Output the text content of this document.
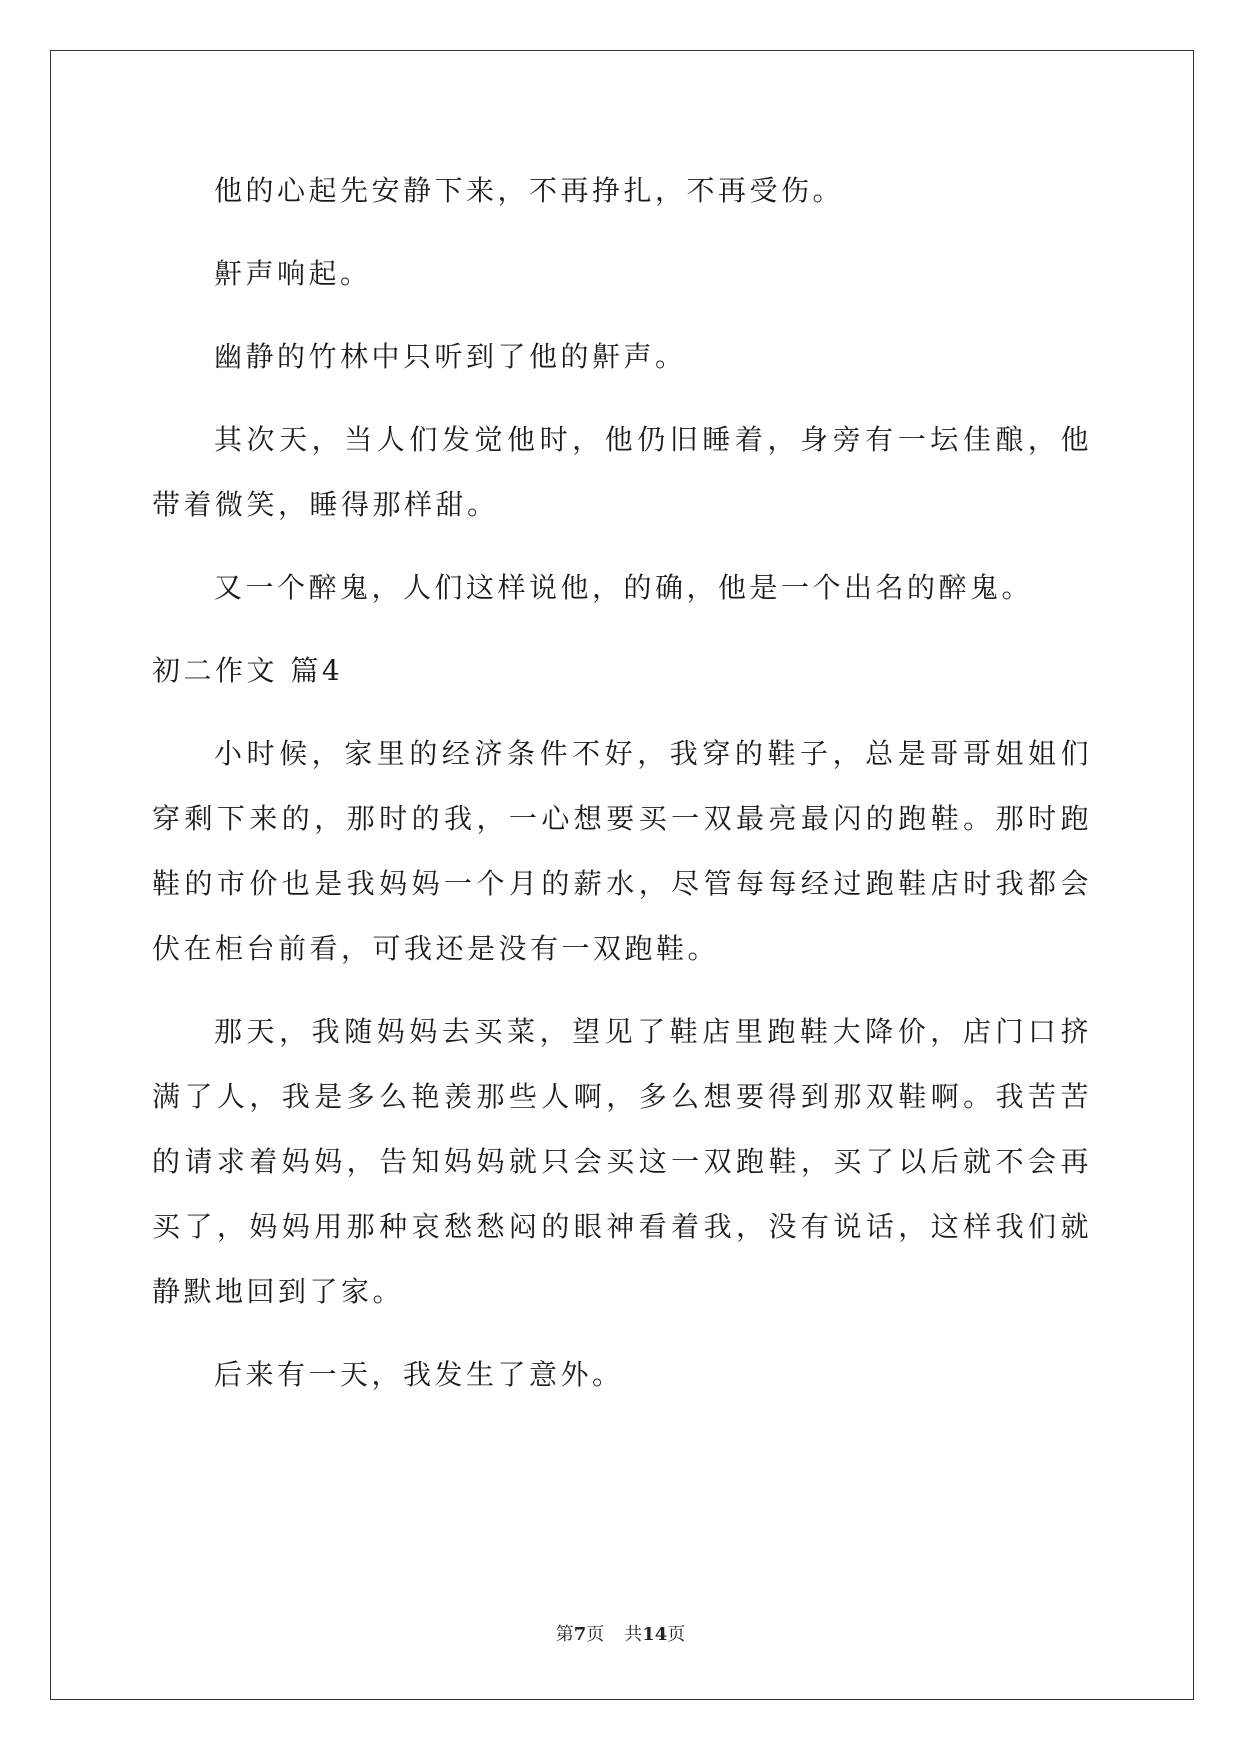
他的心起先安静下来，不再挣扎，不再受伤。

鼾声响起。

幽静的竹林中只听到了他的鼾声。

其次天，当人们发觉他时，他仍旧睡着，身旁有一坛佳酿，他带着微笑，睡得那样甜。

又一个醉鬼，人们这样说他，的确，他是一个出名的醉鬼。

初二作文 篇4

小时候，家里的经济条件不好，我穿的鞋子，总是哥哥姐姐们穿剩下来的，那时的我，一心想要买一双最亮最闪的跑鞋。那时跑鞋的市价也是我妈妈一个月的薪水，尽管每每经过跑鞋店时我都会伏在柜台前看，可我还是没有一双跑鞋。

那天，我随妈妈去买菜，望见了鞋店里跑鞋大降价，店门口挤满了人，我是多么艳羡那些人啊，多么想要得到那双鞋啊。我苦苦的请求着妈妈，告知妈妈就只会买这一双跑鞋，买了以后就不会再买了，妈妈用那种哀愁愁闷的眼神看着我，没有说话，这样我们就静默地回到了家。

后来有一天，我发生了意外。

第7页 共14页
